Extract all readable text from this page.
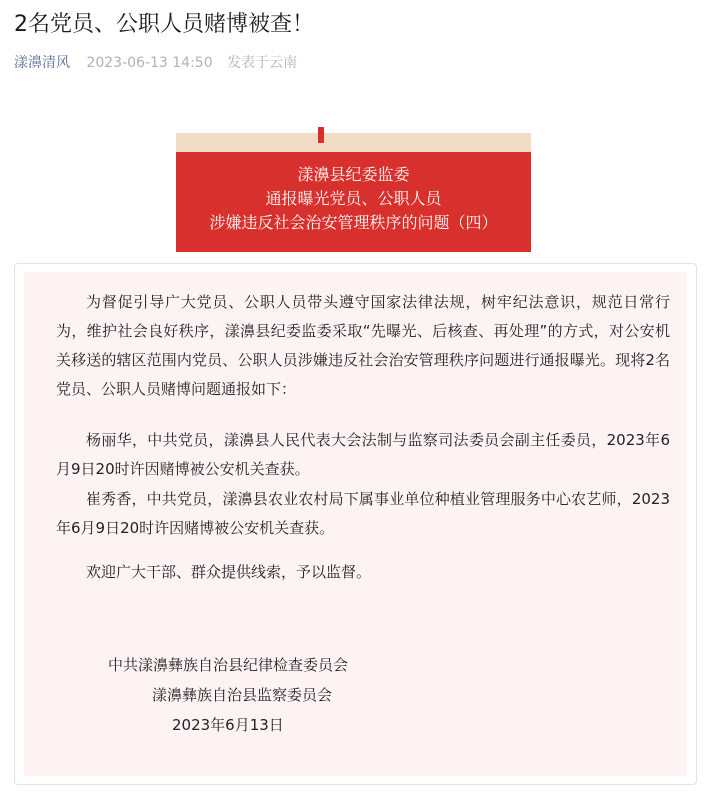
2名党员、公职人员赌博被查！
漾濞清风 2023-06-13 14:50 发表于云南
漾濞县纪委监委
通报曝光党员、公职人员
涉嫌违反社会治安管理秩序的问题（四）

为督促引导广大党员、公职人员带头遵守国家法律法规，树牢纪法意识，规范日常行为，维护社会良好秩序，漾濞县纪委监委采取“先曝光、后核查、再处理”的方式，对公安机关移送的辖区范围内党员、公职人员涉嫌违反社会治安管理秩序问题进行通报曝光。现将2名党员、公职人员赌博问题通报如下：

杨丽华，中共党员，漾濞县人民代表大会法制与监察司法委员会副主任委员，2023年6月9日20时许因赌博被公安机关查获。

崔秀香，中共党员，漾濞县农业农村局下属事业单位种植业管理服务中心农艺师，2023年6月9日20时许因赌博被公安机关查获。

欢迎广大干部、群众提供线索，予以监督。

中共漾濞彝族自治县纪律检查委员会
漾濞彝族自治县监察委员会
2023年6月13日
